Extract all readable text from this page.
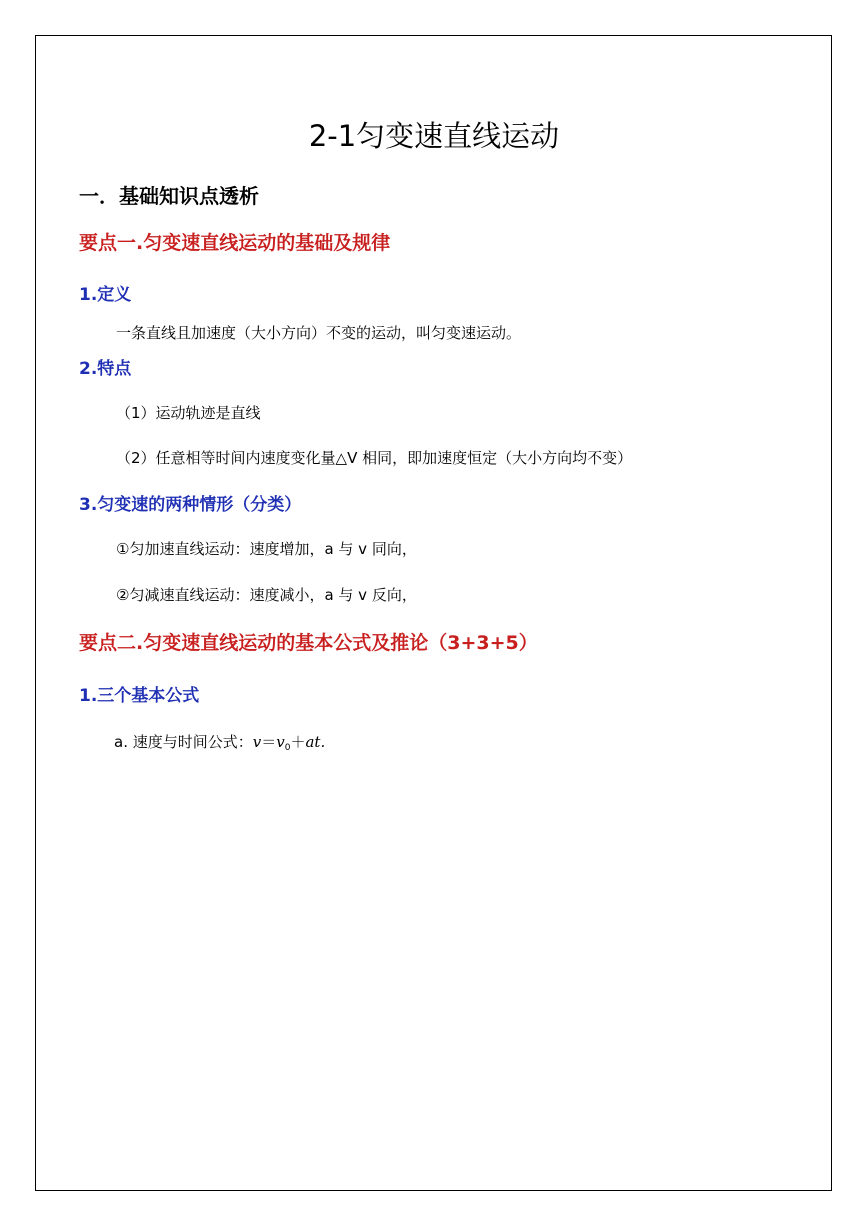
2-1匀变速直线运动
一．基础知识点透析
要点一.匀变速直线运动的基础及规律
1.定义
一条直线且加速度（大小方向）不变的运动，叫匀变速运动。
2.特点
（1）运动轨迹是直线
（2）任意相等时间内速度变化量△V 相同，即加速度恒定（大小方向均不变）
3.匀变速的两种情形（分类）
①匀加速直线运动：速度增加，a 与 v 同向，
②匀减速直线运动：速度减小，a 与 v 反向，
要点二.匀变速直线运动的基本公式及推论（3+3+5）
1.三个基本公式
a. 速度与时间公式：$v=v_0+at$.
